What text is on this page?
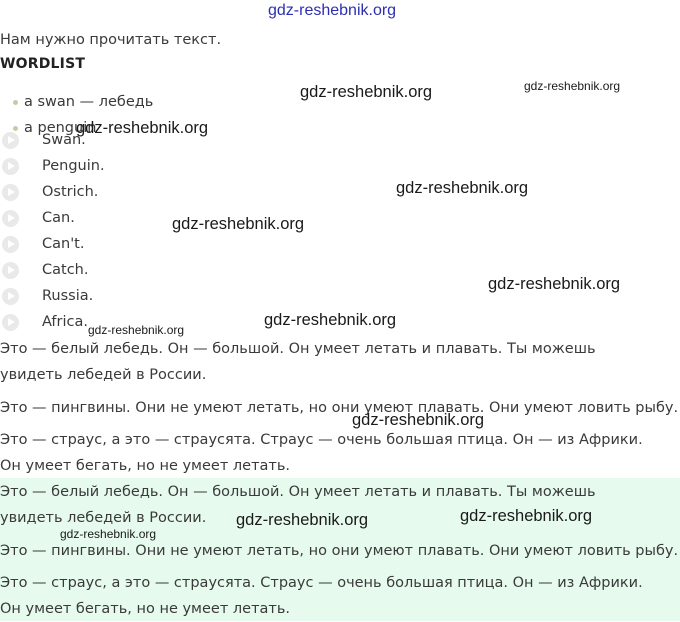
gdz-reshebnik.org
Нам нужно прочитать текст.
WORDLIST
a swan — лебедь
a penguin
Swan.
Penguin.
Ostrich.
Can.
Can't.
Catch.
Russia.
Africa.
Это — белый лебедь. Он — большой. Он умеет летать и плавать. Ты можешь увидеть лебедей в России.
Это — пингвины. Они не умеют летать, но они умеют плавать. Они умеют ловить рыбу.
Это — страус, а это — страусята. Страус — очень большая птица. Он — из Африки. Он умеет бегать, но не умеет летать.
Это — белый лебедь. Он — большой. Он умеет летать и плавать. Ты можешь увидеть лебедей в России.
Это — пингвины. Они не умеют летать, но они умеют плавать. Они умеют ловить рыбу.
Это — страус, а это — страусята. Страус — очень большая птица. Он — из Африки. Он умеет бегать, но не умеет летать.
gdz-reshebnik.org	gdz-reshebnik.org
gdz-reshebnik.org
gdz-reshebnik.org
gdz-reshebnik.org
gdz-reshebnik.org
gdz-reshebnik.org
gdz-reshebnik.org
gdz-reshebnik.org
gdz-reshebnik.org	gdz-reshebnik.org
gdz-reshebnik.org
